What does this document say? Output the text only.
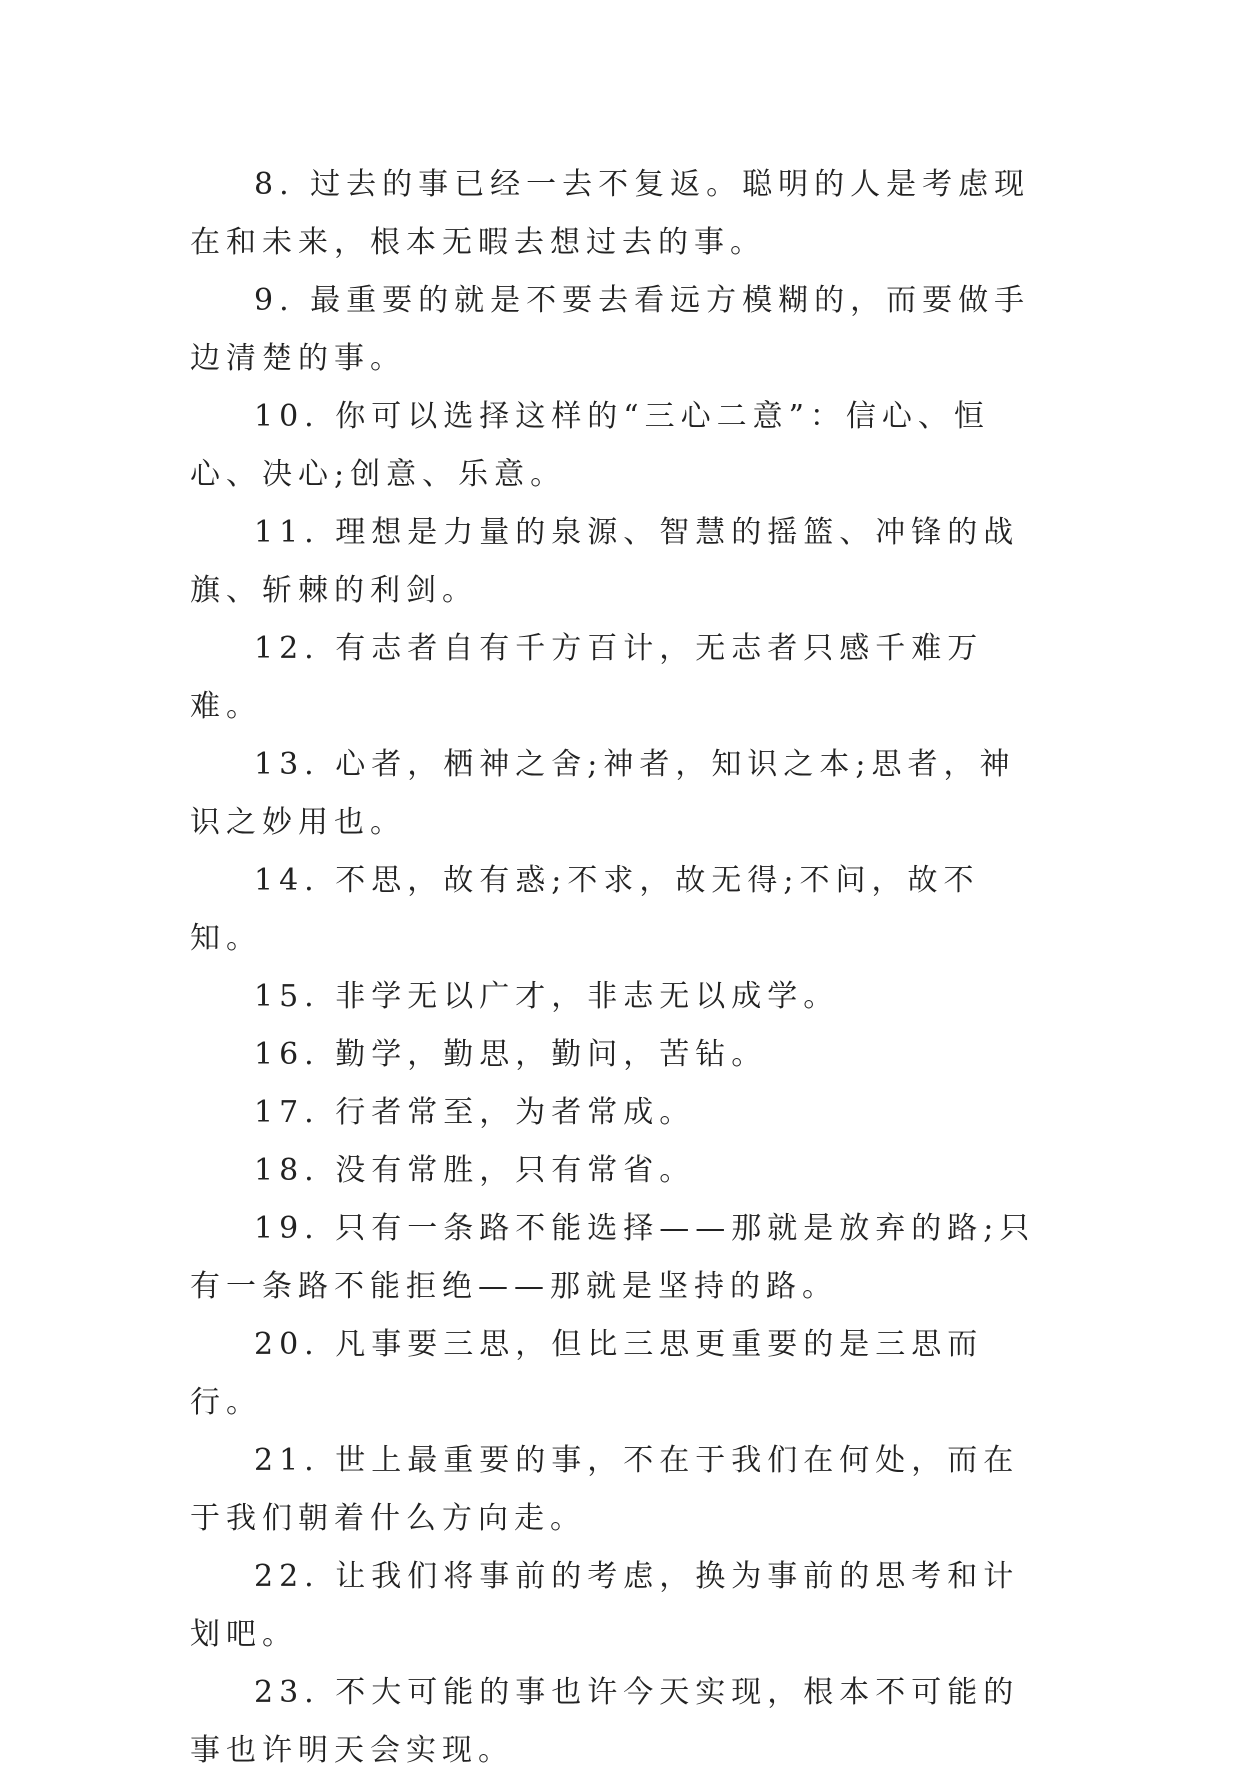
8. 过去的事已经一去不复返。聪明的人是考虑现在和未来，根本无暇去想过去的事。

9. 最重要的就是不要去看远方模糊的，而要做手边清楚的事。

10. 你可以选择这样的“三心二意”：信心、恒心、决心;创意、乐意。

11. 理想是力量的泉源、智慧的摇篮、冲锋的战旗、斩棘的利剑。

12. 有志者自有千方百计，无志者只感千难万难。

13. 心者，栖神之舍;神者，知识之本;思者，神识之妙用也。

14. 不思，故有惑;不求，故无得;不问，故不知。

15. 非学无以广才，非志无以成学。

16. 勤学，勤思，勤问，苦钻。

17. 行者常至，为者常成。

18. 没有常胜，只有常省。

19. 只有一条路不能选择——那就是放弃的路;只有一条路不能拒绝——那就是坚持的路。

20. 凡事要三思，但比三思更重要的是三思而行。

21. 世上最重要的事，不在于我们在何处，而在于我们朝着什么方向走。

22. 让我们将事前的考虑，换为事前的思考和计划吧。

23. 不大可能的事也许今天实现，根本不可能的事也许明天会实现。
